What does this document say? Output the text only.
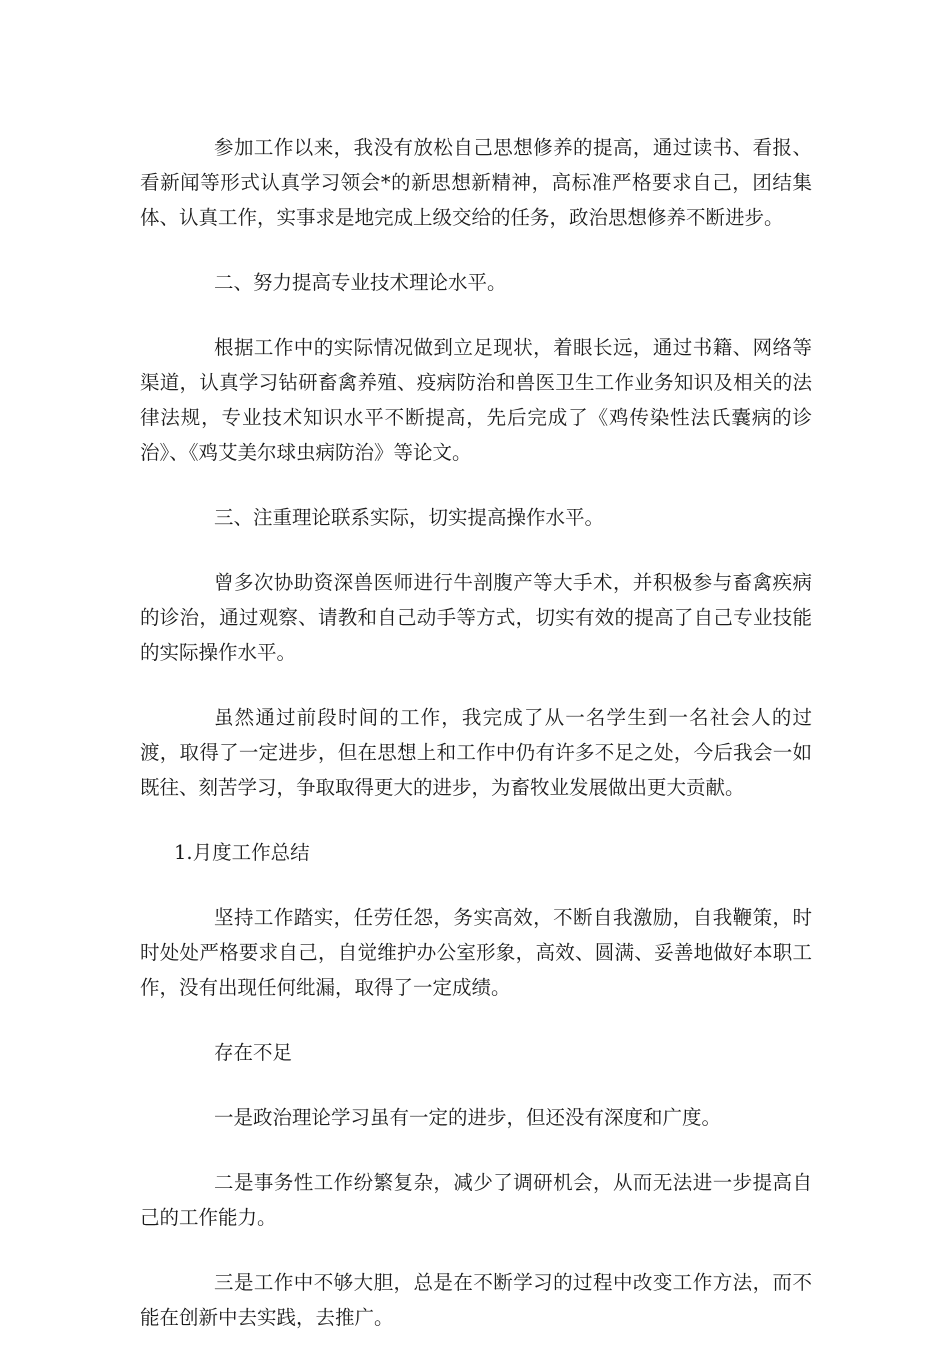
参加工作以来，我没有放松自己思想修养的提高，通过读书、看报、看新闻等形式认真学习领会*的新思想新精神，高标准严格要求自己，团结集体、认真工作，实事求是地完成上级交给的任务，政治思想修养不断进步。

二、努力提高专业技术理论水平。

根据工作中的实际情况做到立足现状，着眼长远，通过书籍、网络等渠道，认真学习钻研畜禽养殖、疫病防治和兽医卫生工作业务知识及相关的法律法规，专业技术知识水平不断提高，先后完成了《鸡传染性法氏囊病的诊治》、《鸡艾美尔球虫病防治》等论文。

三、注重理论联系实际，切实提高操作水平。

曾多次协助资深兽医师进行牛剖腹产等大手术，并积极参与畜禽疾病的诊治，通过观察、请教和自己动手等方式，切实有效的提高了自己专业技能的实际操作水平。

虽然通过前段时间的工作，我完成了从一名学生到一名社会人的过渡，取得了一定进步，但在思想上和工作中仍有许多不足之处，今后我会一如既往、刻苦学习，争取取得更大的进步，为畜牧业发展做出更大贡献。

1.月度工作总结

坚持工作踏实，任劳任怨，务实高效，不断自我激励，自我鞭策，时时处处严格要求自己，自觉维护办公室形象，高效、圆满、妥善地做好本职工作，没有出现任何纰漏，取得了一定成绩。

存在不足

一是政治理论学习虽有一定的进步，但还没有深度和广度。

二是事务性工作纷繁复杂，减少了调研机会，从而无法进一步提高自己的工作能力。

三是工作中不够大胆，总是在不断学习的过程中改变工作方法，而不能在创新中去实践，去推广。
